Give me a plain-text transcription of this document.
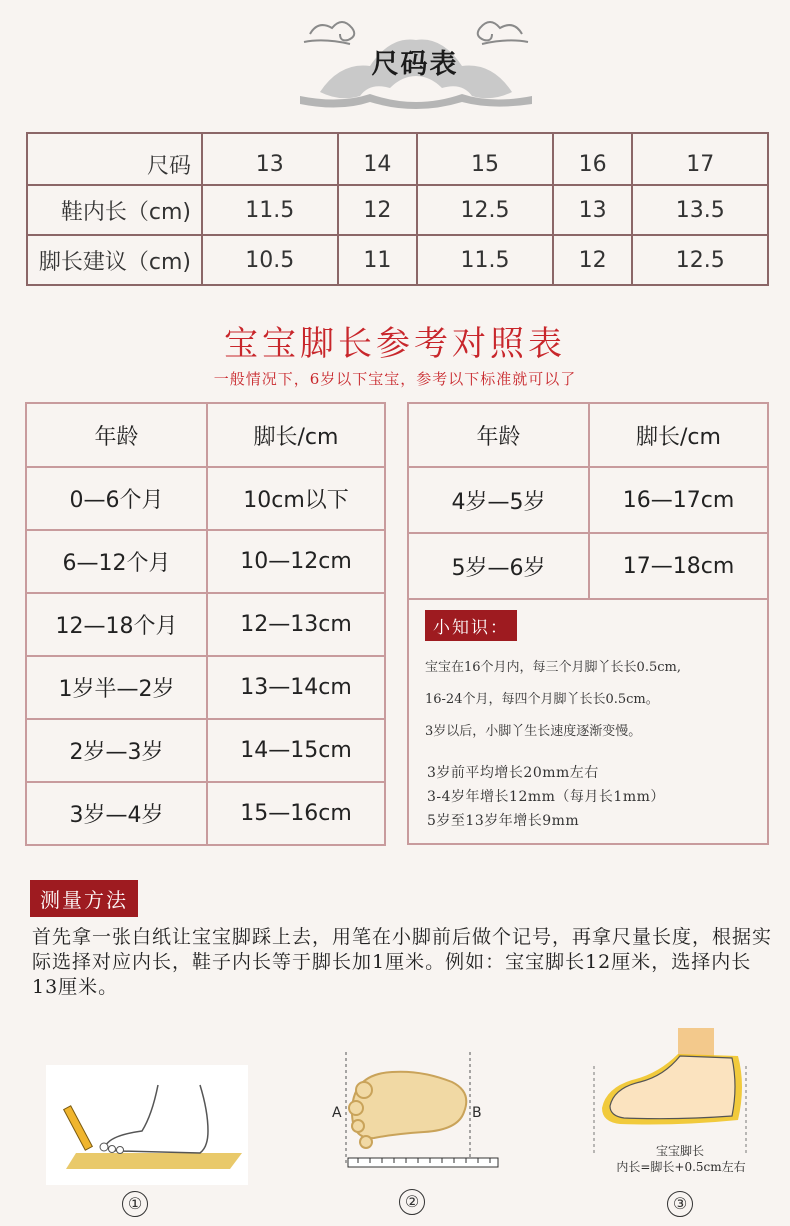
尺码表
尺码	13	14	15	16	17
鞋内长（cm)	11.5	12	12.5	13	13.5
脚长建议（cm)	10.5	11	11.5	12	12.5
宝宝脚长参考对照表
一般情况下，6岁以下宝宝，参考以下标准就可以了
年龄	脚长/cm
0—6个月	10cm以下
6—12个月	10—12cm
12—18个月	12—13cm
1岁半—2岁	13—14cm
2岁—3岁	14—15cm
3岁—4岁	15—16cm
年龄	脚长/cm
4岁—5岁	16—17cm
5岁—6岁	17—18cm
小知识：
宝宝在16个月内，每三个月脚丫长长0.5cm,
16-24个月，每四个月脚丫长长0.5cm。
3岁以后，小脚丫生长速度逐渐变慢。
3岁前平均增长20mm左右
3-4岁年增长12mm（每月长1mm）
5岁至13岁年增长9mm
测量方法
首先拿一张白纸让宝宝脚踩上去，用笔在小脚前后做个记号，再拿尺量长度，根据实际选择对应内长，鞋子内长等于脚长加1厘米。例如：宝宝脚长12厘米，选择内长13厘米。
①
A	B
②
宝宝脚长
内长=脚长+0.5cm左右
③
